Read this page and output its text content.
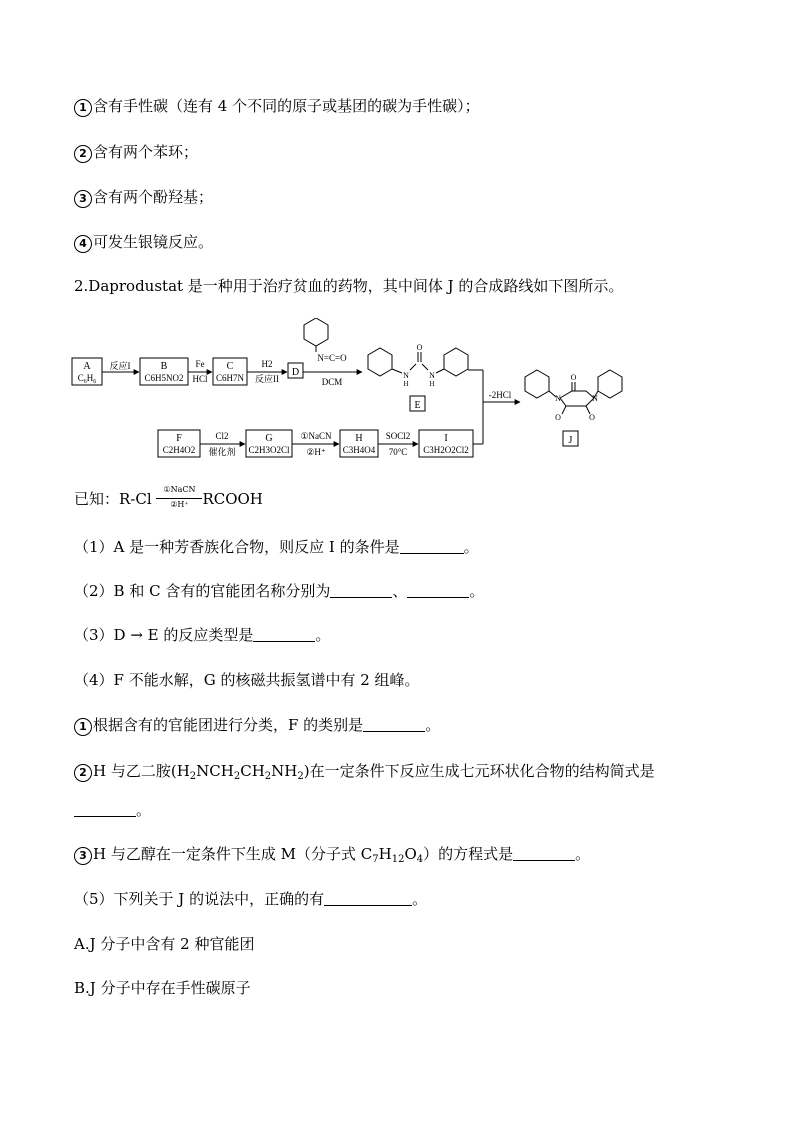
1 含有手性碳（连有 4 个不同的原子或基团的碳为手性碳）；
2 含有两个苯环；
3 含有两个酚羟基；
4 可发生银镜反应。
2.Daprodustat 是一种用于治疗贫血的药物，其中间体 J 的合成路线如下图所示。
A
$C_6H_6$
B
C6H5NO2
C
C6H7N	D
反应I	Fe
HCl
H2
反应II
N=C=O
DCM
N
H
N
H
O
E
-2HCl
F
C2H4O2
G
C2H3O2Cl
H
C3H4O4
I
C3H2O2Cl2
Cl2
催化剂
①NaCN
②H⁺
SOCl2
70°C
O
O	O
N	N
J
已知：R-Cl
①NaCN
②H⁺ RCOOH
（1）A 是一种芳香族化合物，则反应 I 的条件是	。
（2）B 和 C 含有的官能团名称分别为	、	。
（3）D → E 的反应类型是	。
（4）F 不能水解，G 的核磁共振氢谱中有 2 组峰。
1 根据含有的官能团进行分类，F 的类别是	。
2 H 与乙二胺$(H_2NCH_2CH_2NH_2)$在一定条件下反应生成七元环状化合物的结构简式是
。
3 H 与乙醇在一定条件下生成 M（分子式 $C_7H_{12}O_4$）的方程式是	。
（5）下列关于 J 的说法中，正确的有	。
A.J 分子中含有 2 种官能团
B.J 分子中存在手性碳原子
